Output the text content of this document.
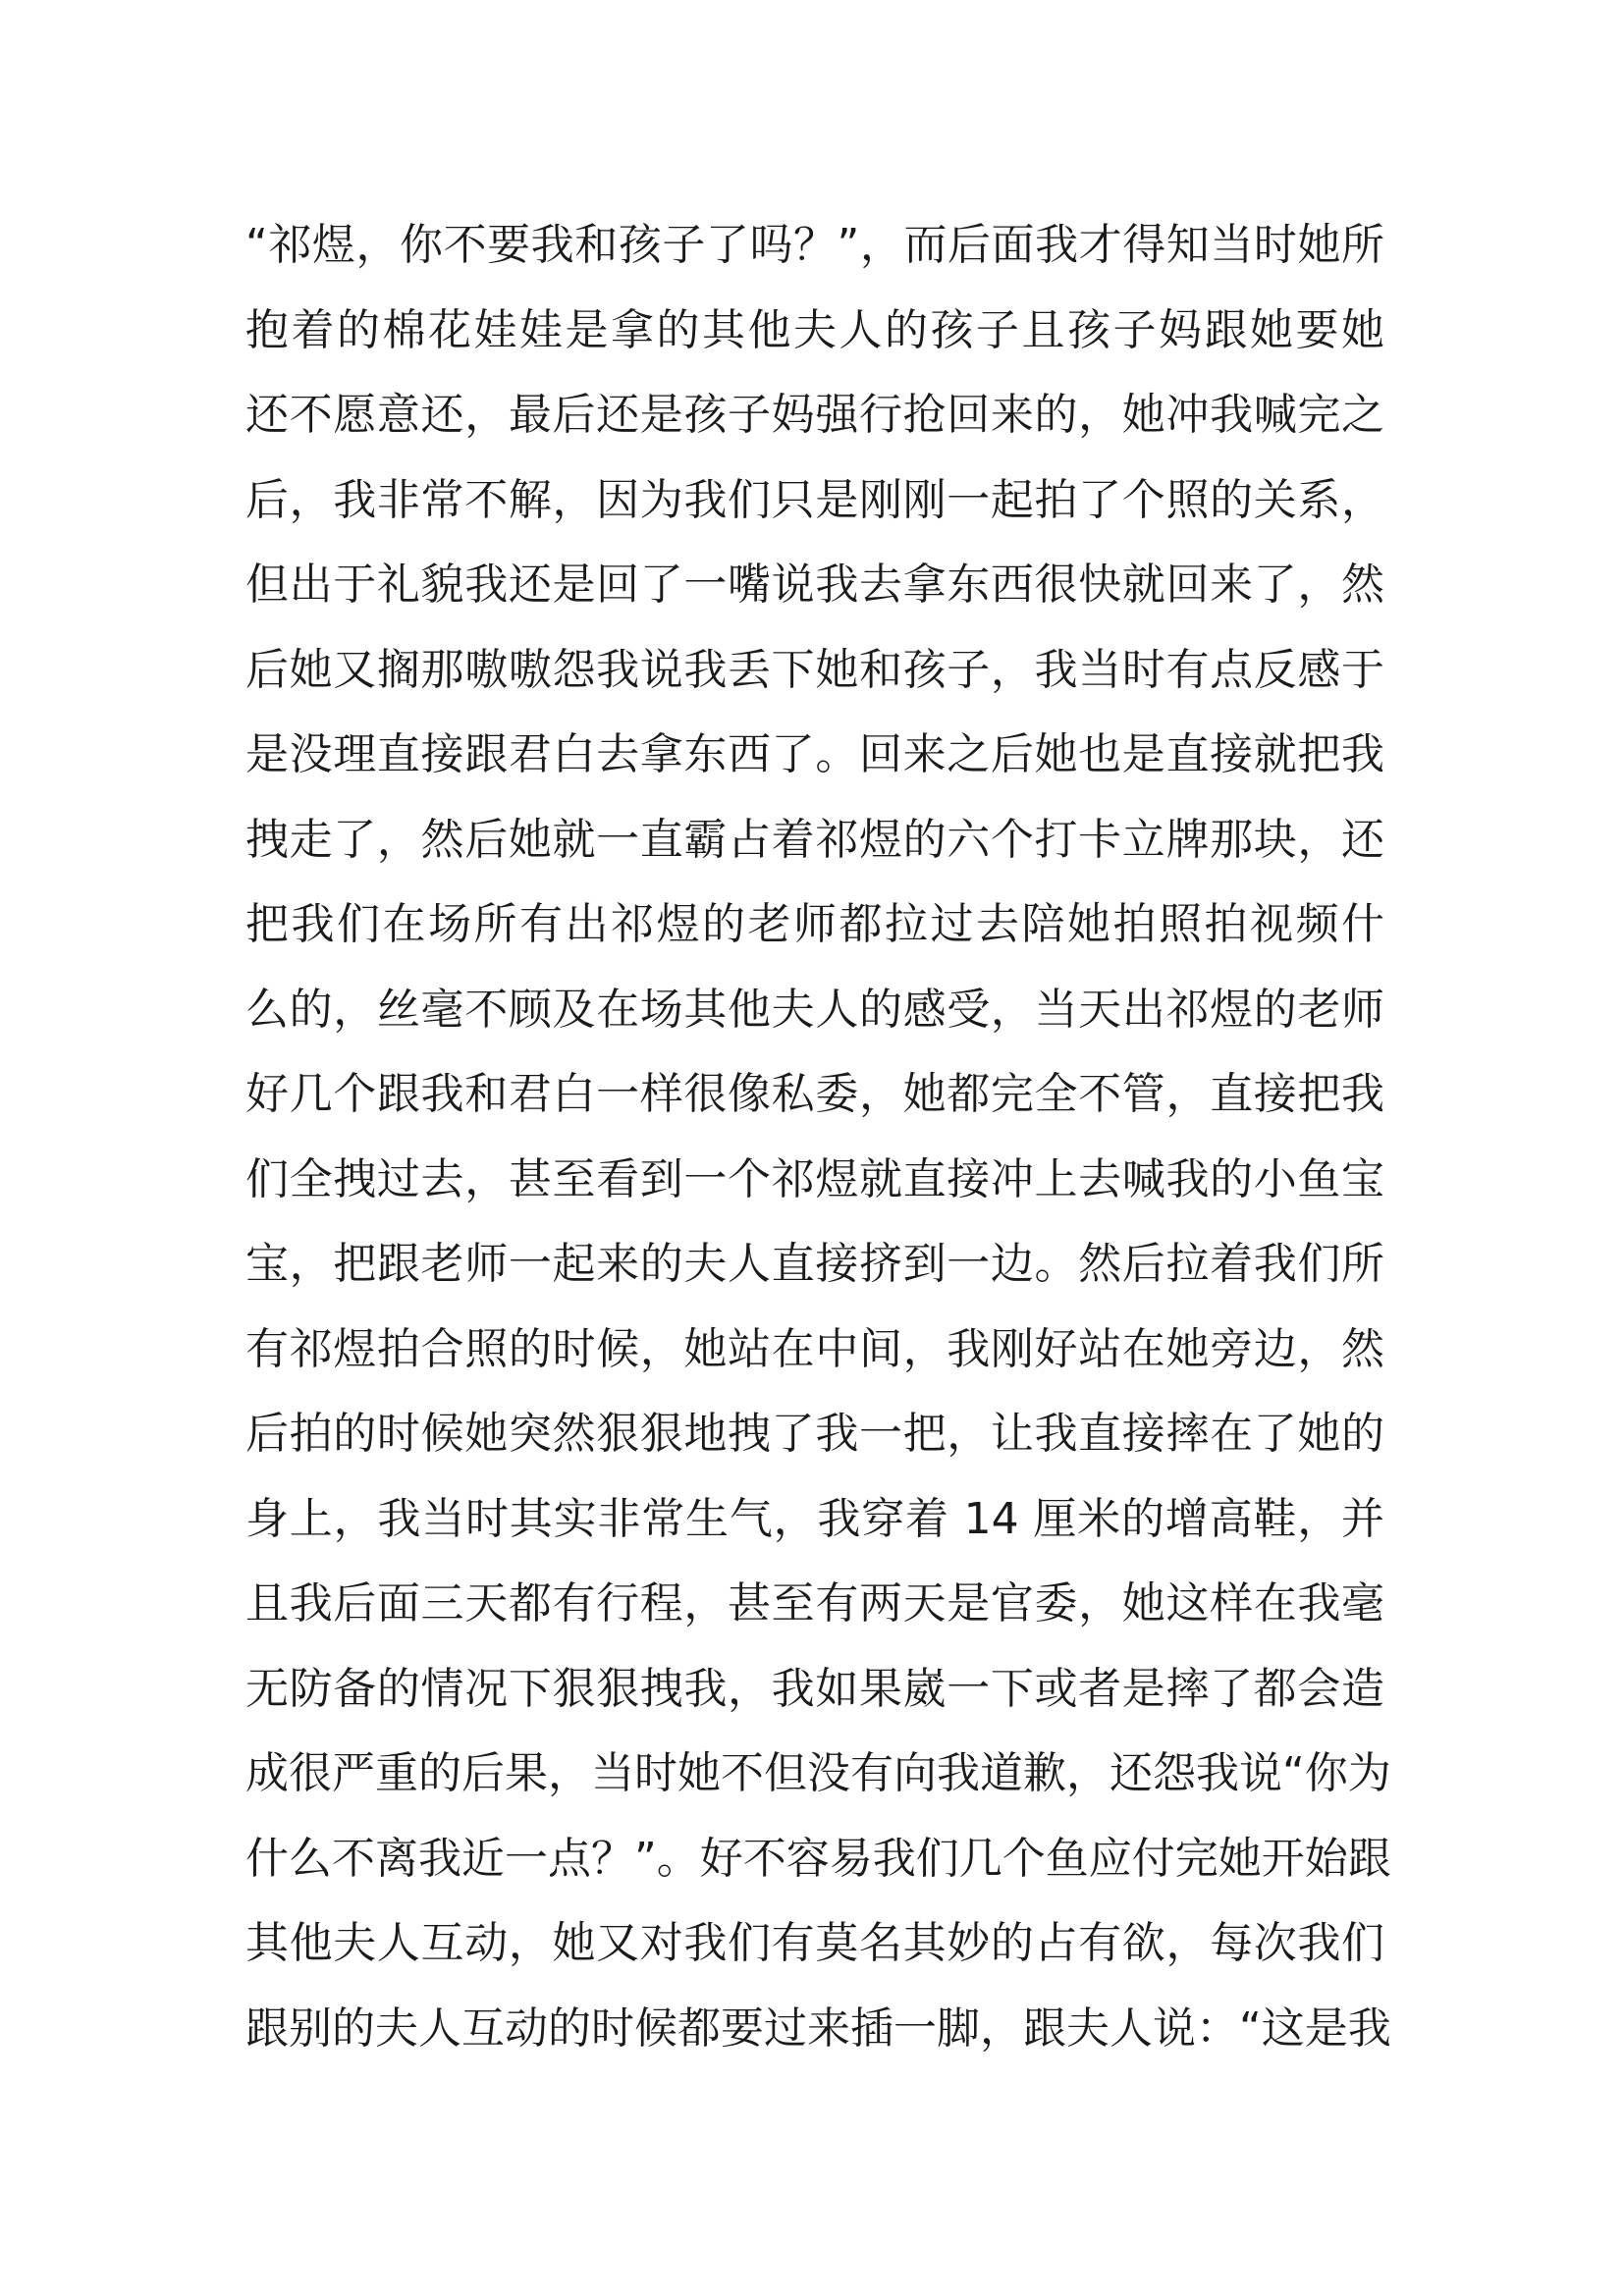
“祁煜，你不要我和孩子了吗？”，而后面我才得知当时她所
抱着的棉花娃娃是拿的其他夫人的孩子且孩子妈跟她要她
还不愿意还，最后还是孩子妈强行抢回来的，她冲我喊完之
后，我非常不解，因为我们只是刚刚一起拍了个照的关系，
但出于礼貌我还是回了一嘴说我去拿东西很快就回来了，然
后她又搁那嗷嗷怨我说我丢下她和孩子，我当时有点反感于
是没理直接跟君白去拿东西了。回来之后她也是直接就把我
拽走了，然后她就一直霸占着祁煜的六个打卡立牌那块，还
把我们在场所有出祁煜的老师都拉过去陪她拍照拍视频什
么的，丝毫不顾及在场其他夫人的感受，当天出祁煜的老师
好几个跟我和君白一样很像私委，她都完全不管，直接把我
们全拽过去，甚至看到一个祁煜就直接冲上去喊我的小鱼宝
宝，把跟老师一起来的夫人直接挤到一边。然后拉着我们所
有祁煜拍合照的时候，她站在中间，我刚好站在她旁边，然
后拍的时候她突然狠狠地拽了我一把，让我直接摔在了她的
身上，我当时其实非常生气，我穿着 14 厘米的增高鞋，并
且我后面三天都有行程，甚至有两天是官委，她这样在我毫
无防备的情况下狠狠拽我，我如果崴一下或者是摔了都会造
成很严重的后果，当时她不但没有向我道歉，还怨我说“你为
什么不离我近一点？”。好不容易我们几个鱼应付完她开始跟
其他夫人互动，她又对我们有莫名其妙的占有欲，每次我们
跟别的夫人互动的时候都要过来插一脚，跟夫人说：“这是我
